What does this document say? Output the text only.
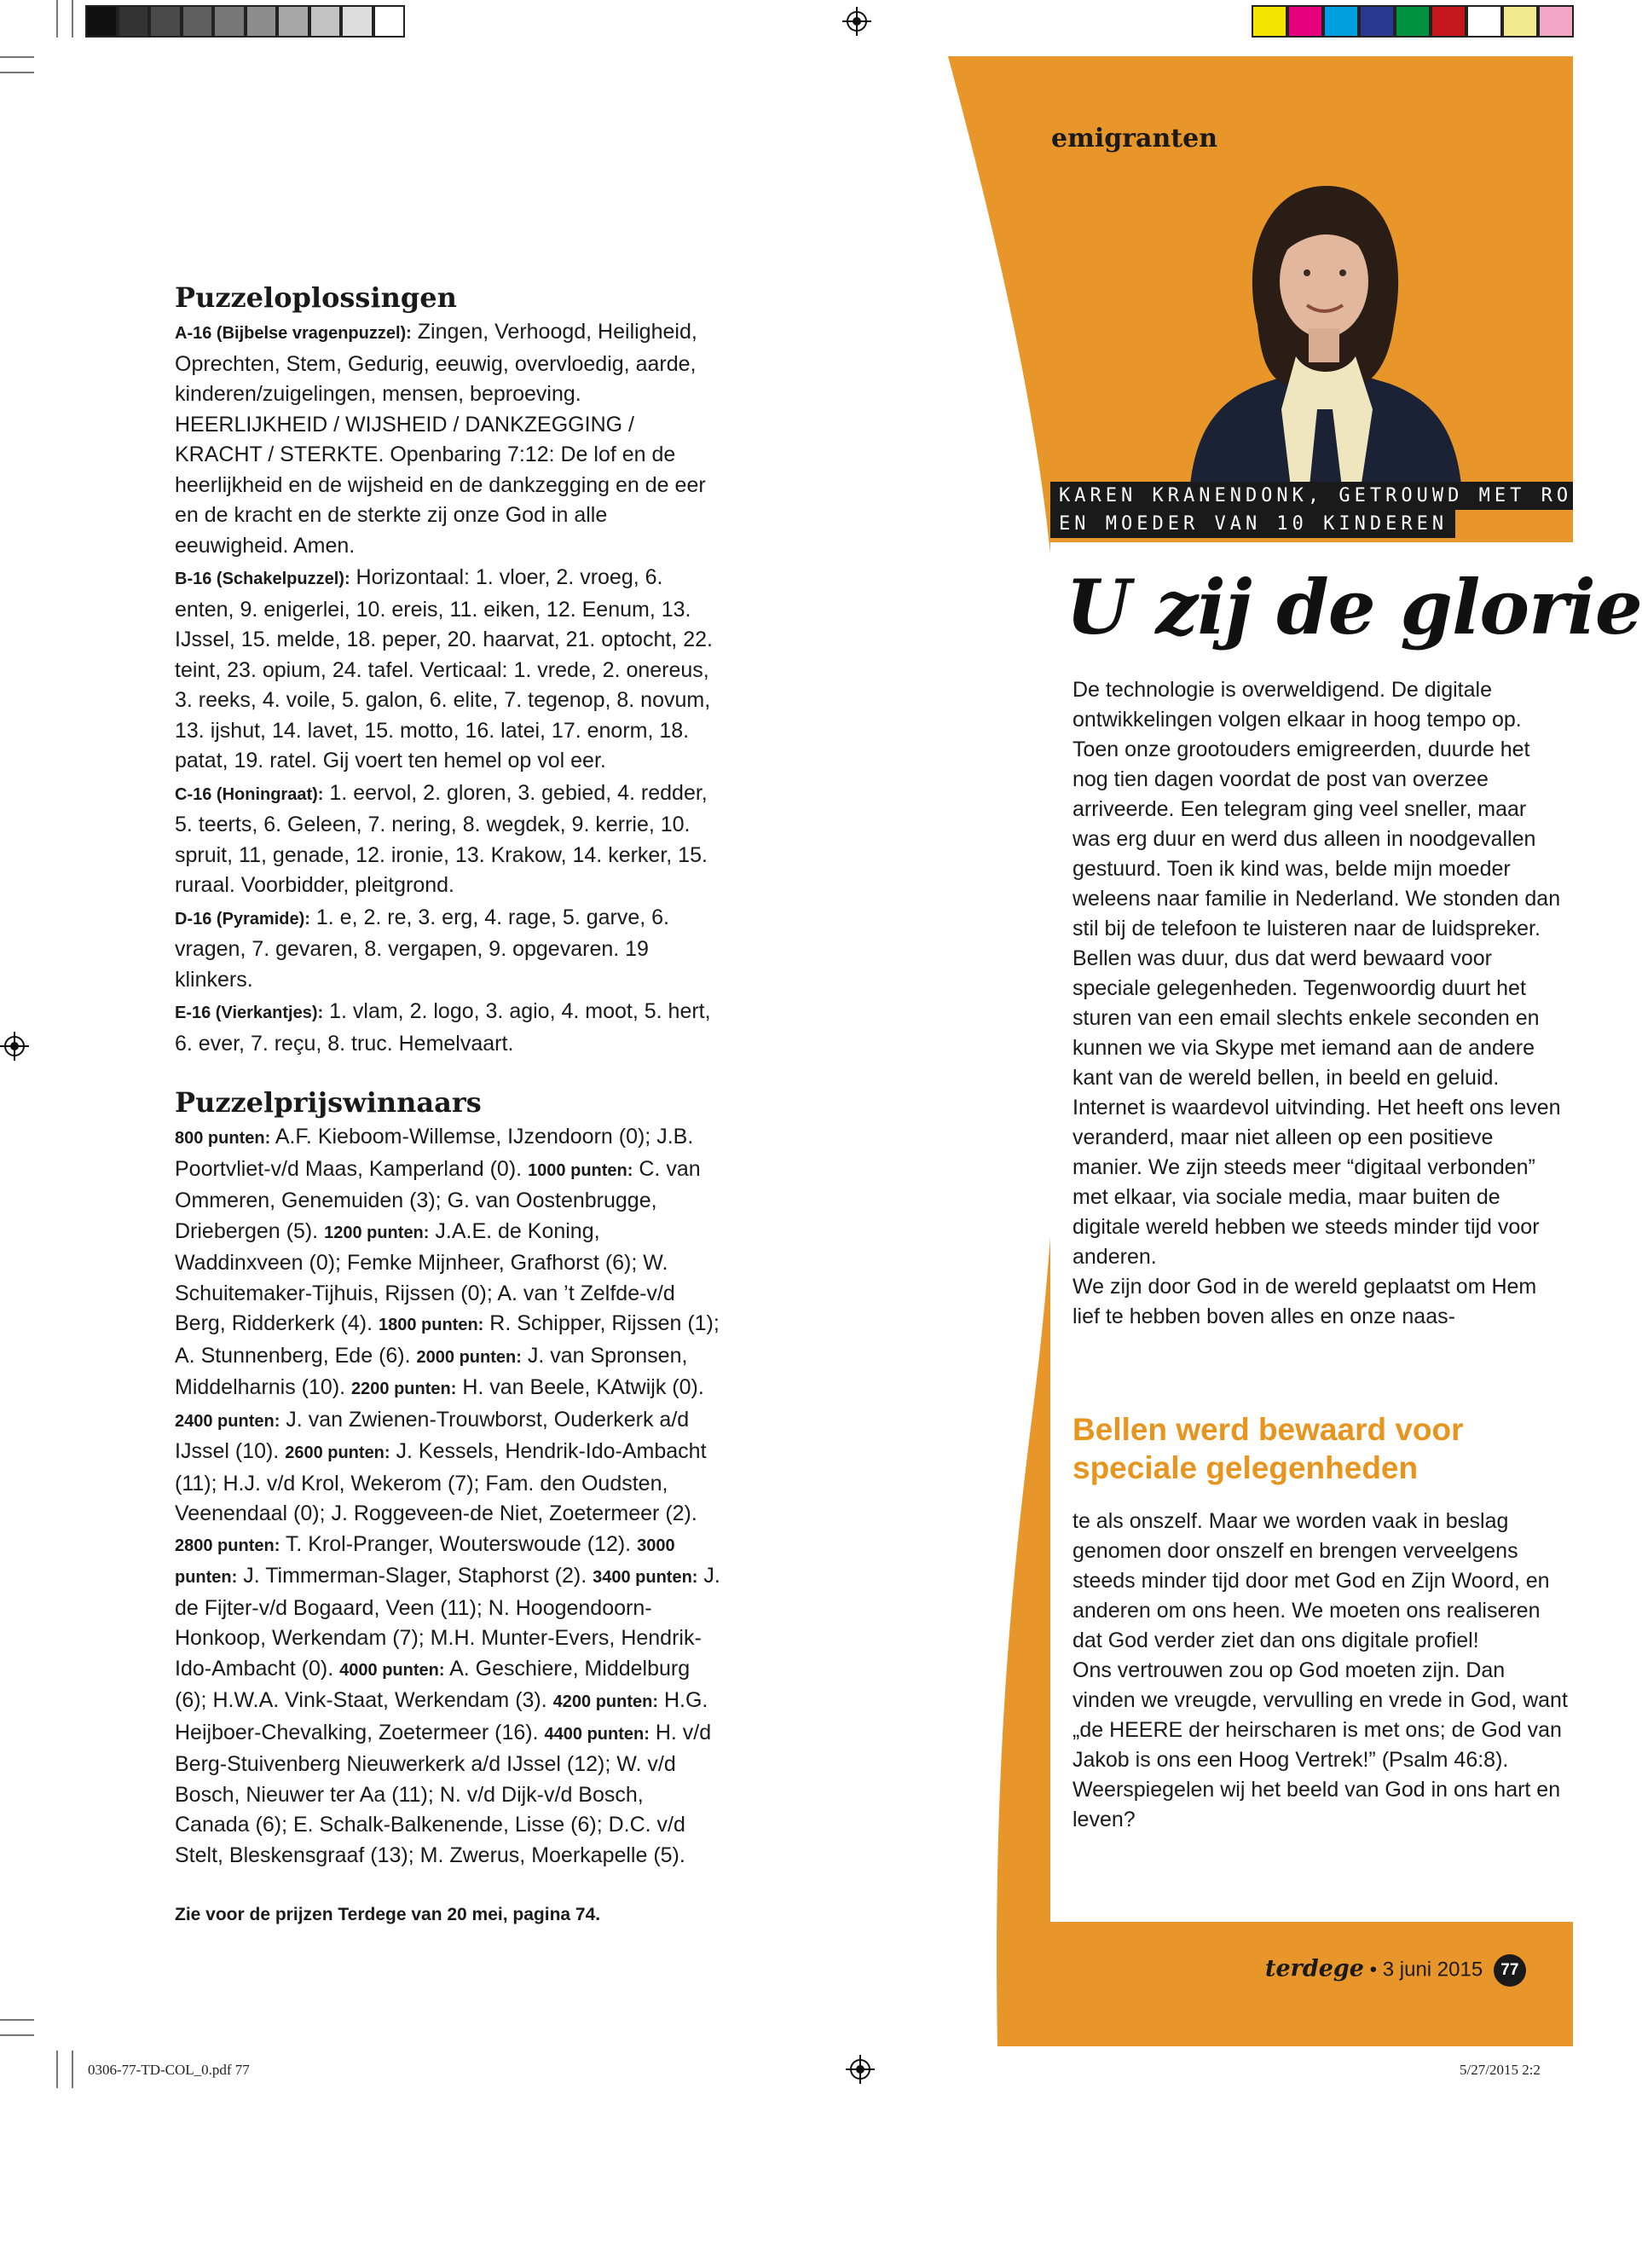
Puzzeloplossingen
A-16 (Bijbelse vragenpuzzel): Zingen, Verhoogd, Heiligheid, Oprechten, Stem, Gedurig, eeuwig, overvloedig, aarde, kinderen/zuigelingen, mensen, beproeving. HEERLIJKHEID / WIJSHEID / DANKZEGGING / KRACHT / STERKTE. Openbaring 7:12: De lof en de heerlijkheid en de wijsheid en de dankzegging en de eer en de kracht en de sterkte zij onze God in alle eeuwigheid. Amen.
B-16 (Schakelpuzzel): Horizontaal: 1. vloer, 2. vroeg, 6. enten, 9. enigerlei, 10. ereis, 11. eiken, 12. Eenum, 13. IJssel, 15. melde, 18. peper, 20. haarvat, 21. optocht, 22. teint, 23. opium, 24. tafel. Verticaal: 1. vrede, 2. onereus, 3. reeks, 4. voile, 5. galon, 6. elite, 7. tegenop, 8. novum, 13. ijshut, 14. lavet, 15. motto, 16. latei, 17. enorm, 18. patat, 19. ratel. Gij voert ten hemel op vol eer.
C-16 (Honingraat): 1. eervol, 2. gloren, 3. gebied, 4. redder, 5. teerts, 6. Geleen, 7. nering, 8. wegdek, 9. kerrie, 10. spruit, 11, genade, 12. ironie, 13. Krakow, 14. kerker, 15. ruraal. Voorbidder, pleitgrond.
D-16 (Pyramide): 1. e, 2. re, 3. erg, 4. rage, 5. garve, 6. vragen, 7. gevaren, 8. vergapen, 9. opgevaren. 19 klinkers.
E-16 (Vierkantjes): 1. vlam, 2. logo, 3. agio, 4. moot, 5. hert, 6. ever, 7. reçu, 8. truc. Hemelvaart.
Puzzelprijswinnaars
800 punten: A.F. Kieboom-Willemse, IJzendoorn (0); J.B. Poortvliet-v/d Maas, Kamperland (0). 1000 punten: C. van Ommeren, Genemuiden (3); G. van Oostenbrugge, Driebergen (5). 1200 punten: J.A.E. de Koning, Waddinxveen (0); Femke Mijnheer, Grafhorst (6); W. Schuitemaker-Tijhuis, Rijssen (0); A. van ’t Zelfde-v/d Berg, Ridderkerk (4). 1800 punten: R. Schipper, Rijssen (1); A. Stunnenberg, Ede (6). 2000 punten: J. van Spronsen, Middelharnis (10). 2200 punten: H. van Beele, KAtwijk (0). 2400 punten: J. van Zwienen-Trouwborst, Ouderkerk a/d IJssel (10). 2600 punten: J. Kessels, Hendrik-Ido-Ambacht (11); H.J. v/d Krol, Wekerom (7); Fam. den Oudsten, Veenendaal (0); J. Roggeveen-de Niet, Zoetermeer (2). 2800 punten: T. Krol-Pranger, Wouterswoude (12). 3000 punten: J. Timmerman-Slager, Staphorst (2). 3400 punten: J. de Fijter-v/d Bogaard, Veen (11); N. Hoogendoorn-Honkoop, Werkendam (7); M.H. Munter-Evers, Hendrik-Ido-Ambacht (0). 4000 punten: A. Geschiere, Middelburg (6); H.W.A. Vink-Staat, Werkendam (3). 4200 punten: H.G. Heijboer-Chevalking, Zoetermeer (16). 4400 punten: H. v/d Berg-Stuivenberg Nieuwerkerk a/d IJssel (12); W. v/d Bosch, Nieuwer ter Aa (11); N. v/d Dijk-v/d Bosch, Canada (6); E. Schalk-Balkenende, Lisse (6); D.C. v/d Stelt, Bleskensgraaf (13); M. Zwerus, Moerkapelle (5).
Zie voor de prijzen Terdege van 20 mei, pagina 74.
emigranten
KAREN KRANENDONK, GETROUWD MET RO
EN MOEDER VAN 10 KINDEREN
U zij de glorie

De technologie is overweldigend. De digitale ontwikkelingen volgen elkaar in hoog tempo op. Toen onze grootouders emigreerden, duurde het nog tien dagen voordat de post van overzee arriveerde. Een telegram ging veel sneller, maar was erg duur en werd dus alleen in noodgevallen gestuurd. Toen ik kind was, belde mijn moeder weleens naar familie in Nederland. We stonden dan stil bij de telefoon te luisteren naar de luidspreker. Bellen was duur, dus dat werd bewaard voor speciale gelegenheden. Tegenwoordig duurt het sturen van een email slechts enkele seconden en kunnen we via Skype met iemand aan de andere kant van de wereld bellen, in beeld en geluid.

Internet is waardevol uitvinding. Het heeft ons leven veranderd, maar niet alleen op een positieve manier. We zijn steeds meer “digitaal verbonden” met elkaar, via sociale media, maar buiten de digitale wereld hebben we steeds minder tijd voor anderen.

We zijn door God in de wereld geplaatst om Hem lief te hebben boven alles en onze naas-

Bellen werd bewaard voor speciale gelegenheden

te als onszelf. Maar we worden vaak in beslag genomen door onszelf en brengen verveelgens steeds minder tijd door met God en Zijn Woord, en anderen om ons heen. We moeten ons realiseren dat God verder ziet dan ons digitale profiel!

Ons vertrouwen zou op God moeten zijn. Dan vinden we vreugde, vervulling en vrede in God, want „de HEERE der heirscharen is met ons; de God van Jakob is ons een Hoog Vertrek!” (Psalm 46:8).

Weerspiegelen wij het beeld van God in ons hart en leven?

terdege • 3 juni 2015 77
0306-77-TD-COL_0.pdf 77	5/27/2015 2:2
